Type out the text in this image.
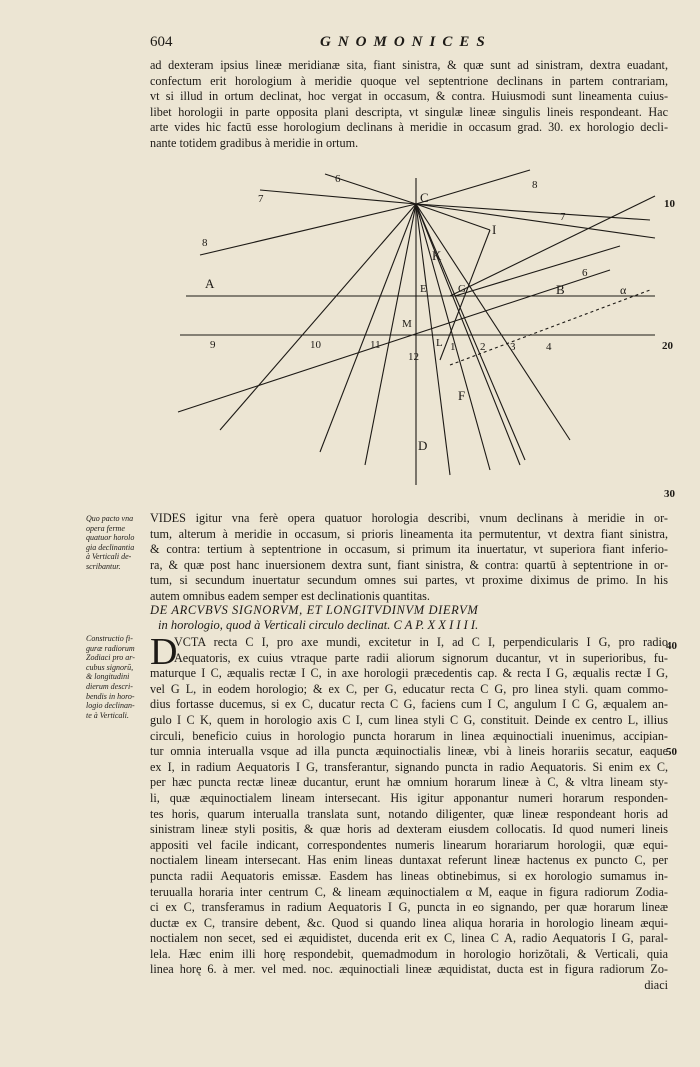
604	GNOMONICES
ad dexteram ipsius lineæ meridianæ sita, fiant sinistra, & quæ sunt ad sinistram, dextra euadant,
confectum erit horologium à meridie quoque vel septentrione declinans in partem contrariam,
vt si illud in ortum declinat, hoc vergat in occasum, & contra. Huiusmodi sunt lineamenta cuius-
libet horologii in parte opposita plani descripta, vt singulæ lineæ singulis lineis respondeant. Hac
arte vides hic factū esse horologium declinans à meridie in occasum grad. 30. ex horologio decli-
nante totidem gradibus à meridie in ortum.
C
I
K
A	B
E	G
M
F
D
L
α
6
7
8
7
8
6
9	10	11
12
1 2 3	4
VIDES igitur vna ferè opera quatuor horologia describi, vnum declinans à meridie in or-
tum, alterum à meridie in occasum, si prioris lineamenta ita permutentur, vt dextra fiant sinistra,
& contra: tertium à septentrione in occasum, si primum ita inuertatur, vt superiora fiant inferio-
ra, & quæ post hanc inuersionem dextra sunt, fiant sinistra, & contra: quartū à septentrione in or-
tum, si secundum inuertatur secundum omnes sui partes, vt proxime diximus de primo. In his
autem omnibus eadem semper est declinationis quantitas.
DE ARCVBVS SIGNORVM, ET LONGITVDINVM DIERVM
in horologio, quod à Verticali circulo declinat. C A P. X X I I I I.
D
VCTA recta C I, pro axe mundi, excitetur in I, ad C I, perpendicularis I G, pro radio
Aequatoris, ex cuius vtraque parte radii aliorum signorum ducantur, vt in superioribus, fu-
maturque I C, æqualis rectæ I C, in axe horologii præcedentis cap. & recta I G, æqualis rectæ I G,
vel G L, in eodem horologio; & ex C, per G, educatur recta C G, pro linea styli. quam commo-
dius fortasse ducemus, si ex C, ducatur recta C G, faciens cum I C, angulum I C G, æqualem an-
gulo I C K, quem in horologio axis C I, cum linea styli C G, constituit. Deinde ex centro L, illius
circuli, beneficio cuius in horologio puncta horarum in linea æquinoctiali inuenimus, accipian-
tur omnia interualla vsque ad illa puncta æquinoctialis lineæ, vbi à lineis horariis secatur, eaque
ex I, in radium Aequatoris I G, transferantur, signando puncta in radio Aequatoris. Si enim ex C,
per hæc puncta rectæ lineæ ducantur, erunt hæ omnium horarum lineæ à C, & vltra lineam sty-
li, quæ æquinoctialem lineam intersecant. His igitur apponantur numeri horarum responden-
tes horis, quarum interualla translata sunt, notando diligenter, quæ lineæ respondeant horis ad
sinistram lineæ styli positis, & quæ horis ad dexteram eiusdem collocatis. Id quod numeri lineis
appositi vel facile indicant, correspondentes numeris linearum horariarum horologii, quæ equi-
noctialem lineam intersecant. Has enim lineas duntaxat referunt lineæ hactenus ex puncto C, per
puncta radii Aequatoris emissæ. Easdem has lineas obtinebimus, si ex horologio sumamus in-
teruualla horaria inter centrum C, & lineam æquinoctialem α M, eaque in figura radiorum Zodia-
ci ex C, transferamus in radium Aequatoris I G, puncta in eo signando, per quæ horarum lineæ
ductæ ex C, transire debent, &c. Quod si quando linea aliqua horaria in horologio lineam æqui-
noctialem non secet, sed ei æquidistet, ducenda erit ex C, linea C A, radio Aequatoris I G, paral-
lela. Hæc enim illi horę respondebit, quemadmodum in horologio horizõtali, & Verticali, quia
linea horę 6. à mer. vel med. noc. æquinoctiali lineæ æquidistat, ducta est in figura radiorum Zo-
diaci
Quo pacto vna
opera ferme
quatuor horolo
gia declinantia
à Verticali de-
scribantur.
Constructio fi-
guræ radiorum
Zodiaci pro ar-
cubus signorū,
& longitudini
dierum descri-
bendis in horo-
logio declinan-
te à Verticali.
10
20
30
40
50
